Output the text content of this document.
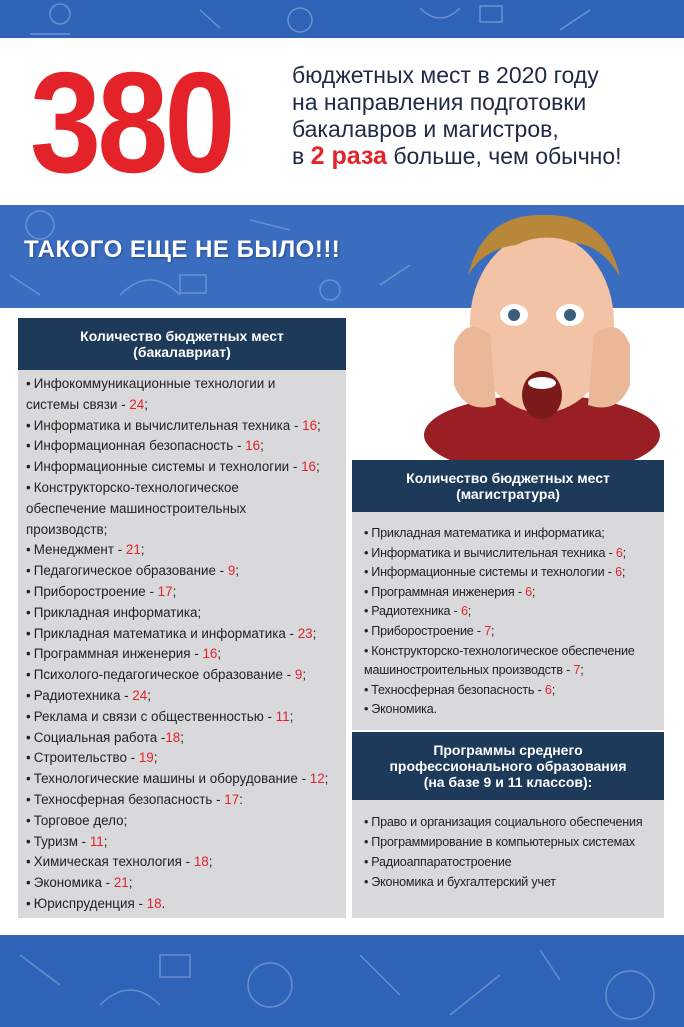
380	бюджетных мест в 2020 году
на направления подготовки
бакалавров и магистров,
в 2 раза больше, чем обычно!
ТАКОГО ЕЩЕ НЕ БЫЛО!!!
Количество бюджетных мест
(бакалавриат)
• Инфокоммуникационные технологии и
системы связи - 24;
• Информатика и вычислительная техника - 16;
• Информационная безопасность - 16;
• Информационные системы и технологии - 16;
• Конструкторско-технологическое
обеспечение машиностроительных
производств;
• Менеджмент - 21;
• Педагогическое образование - 9;
• Приборостроение - 17;
• Прикладная информатика;
• Прикладная математика и информатика - 23;
• Программная инженерия - 16;
• Психолого-педагогическое образование - 9;
• Радиотехника - 24;
• Реклама и связи с общественностью - 11;
• Социальная работа -18;
• Строительство - 19;
• Технологические машины и оборудование - 12;
• Техносферная безопасность - 17:
• Торговое дело;
• Туризм - 11;
• Химическая технология - 18;
• Экономика - 21;
• Юриспруденция - 18.
Количество бюджетных мест
(магистратура)
• Прикладная математика и информатика;
• Информатика и вычислительная техника - 6;
• Информационные системы и технологии - 6;
• Программная инженерия - 6;
• Радиотехника - 6;
• Приборостроение - 7;
• Конструкторско-технологическое обеспечение
машиностроительных производств - 7;
• Техносферная безопасность - 6;
• Экономика.
Программы среднего
профессионального образования
(на базе 9 и 11 классов):
• Право и организация социального обеспечения
• Программирование в компьютерных системах
• Радиоаппаратостроение
• Экономика и бухгалтерский учет
